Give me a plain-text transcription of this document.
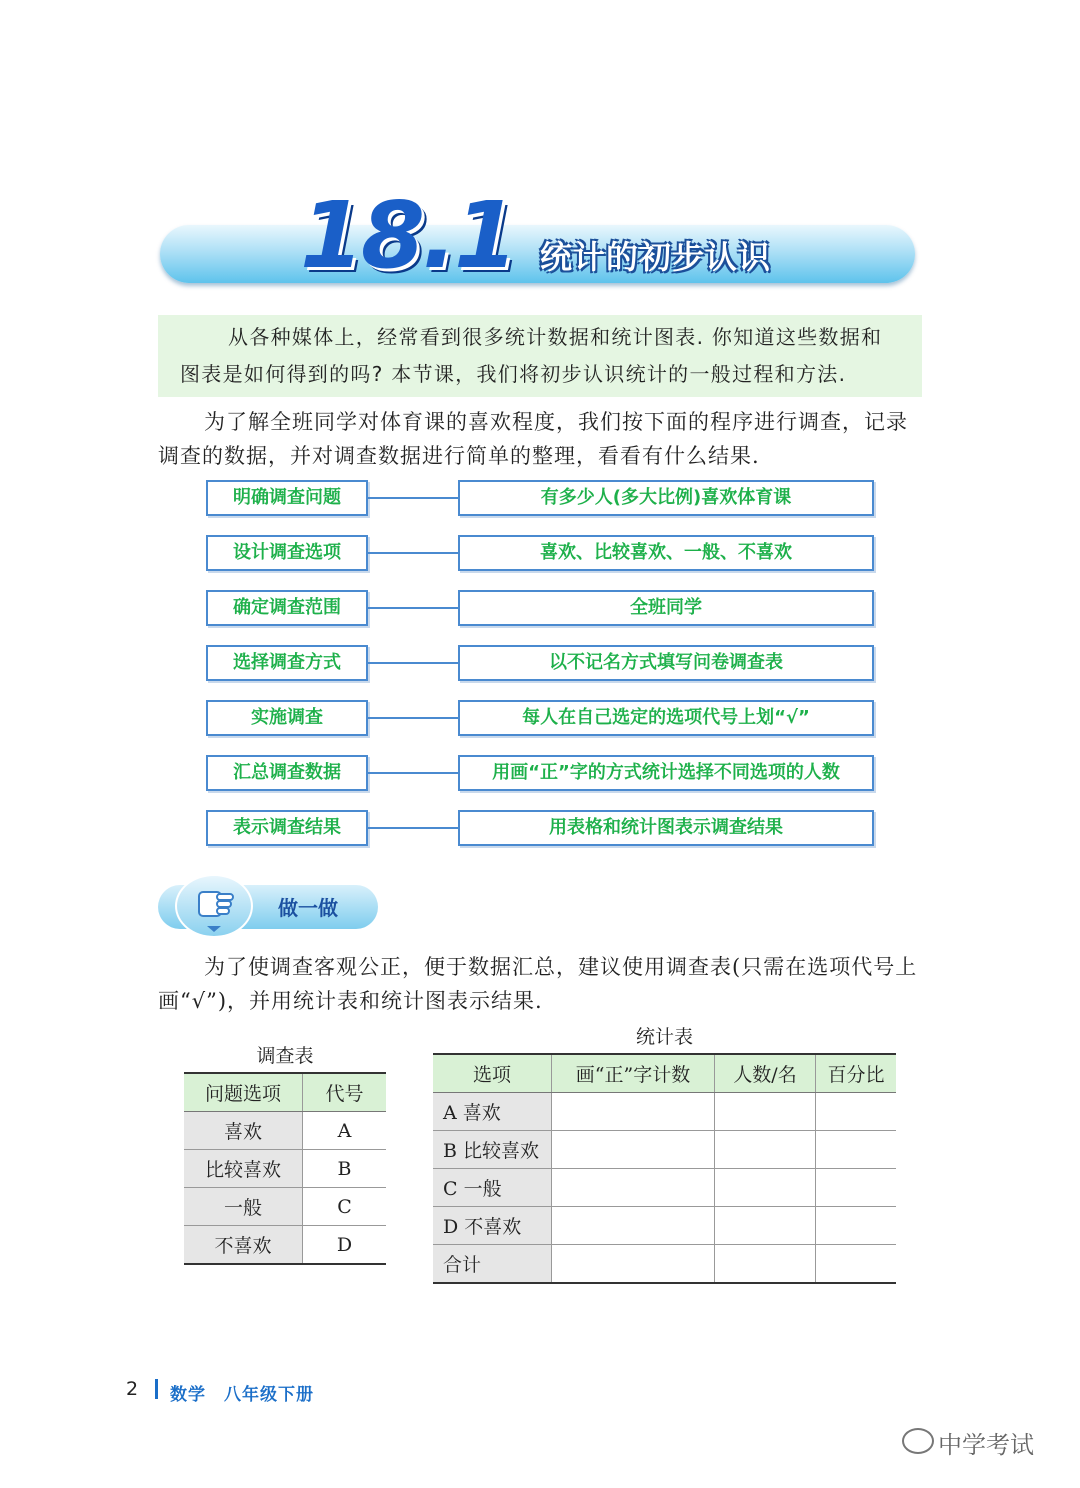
18.1 统计的初步认识
从各种媒体上，经常看到很多统计数据和统计图表. 你知道这些数据和图表是如何得到的吗? 本节课，我们将初步认识统计的一般过程和方法.
为了解全班同学对体育课的喜欢程度，我们按下面的程序进行调查，记录调查的数据，并对调查数据进行简单的整理，看看有什么结果.
明确调查问题	有多少人(多大比例)喜欢体育课
设计调查选项	喜欢、比较喜欢、一般、不喜欢
确定调查范围	全班同学
选择调查方式	以不记名方式填写问卷调查表
实施调查	每人在自己选定的选项代号上划“√”
汇总调查数据	用画“正”字的方式统计选择不同选项的人数
表示调查结果	用表格和统计图表示调查结果
做一做
为了使调查客观公正，便于数据汇总，建议使用调查表(只需在选项代号上画“√”)，并用统计表和统计图表示结果.
调查表
问题选项	代号
喜欢	A
比较喜欢	B
一般	C
不喜欢	D
统计表
选项	画“正”字计数	人数/名	百分比
A 喜欢			
B 比较喜欢			
C 一般			
D 不喜欢			
合计			
2 数学　八年级下册
中学考试
